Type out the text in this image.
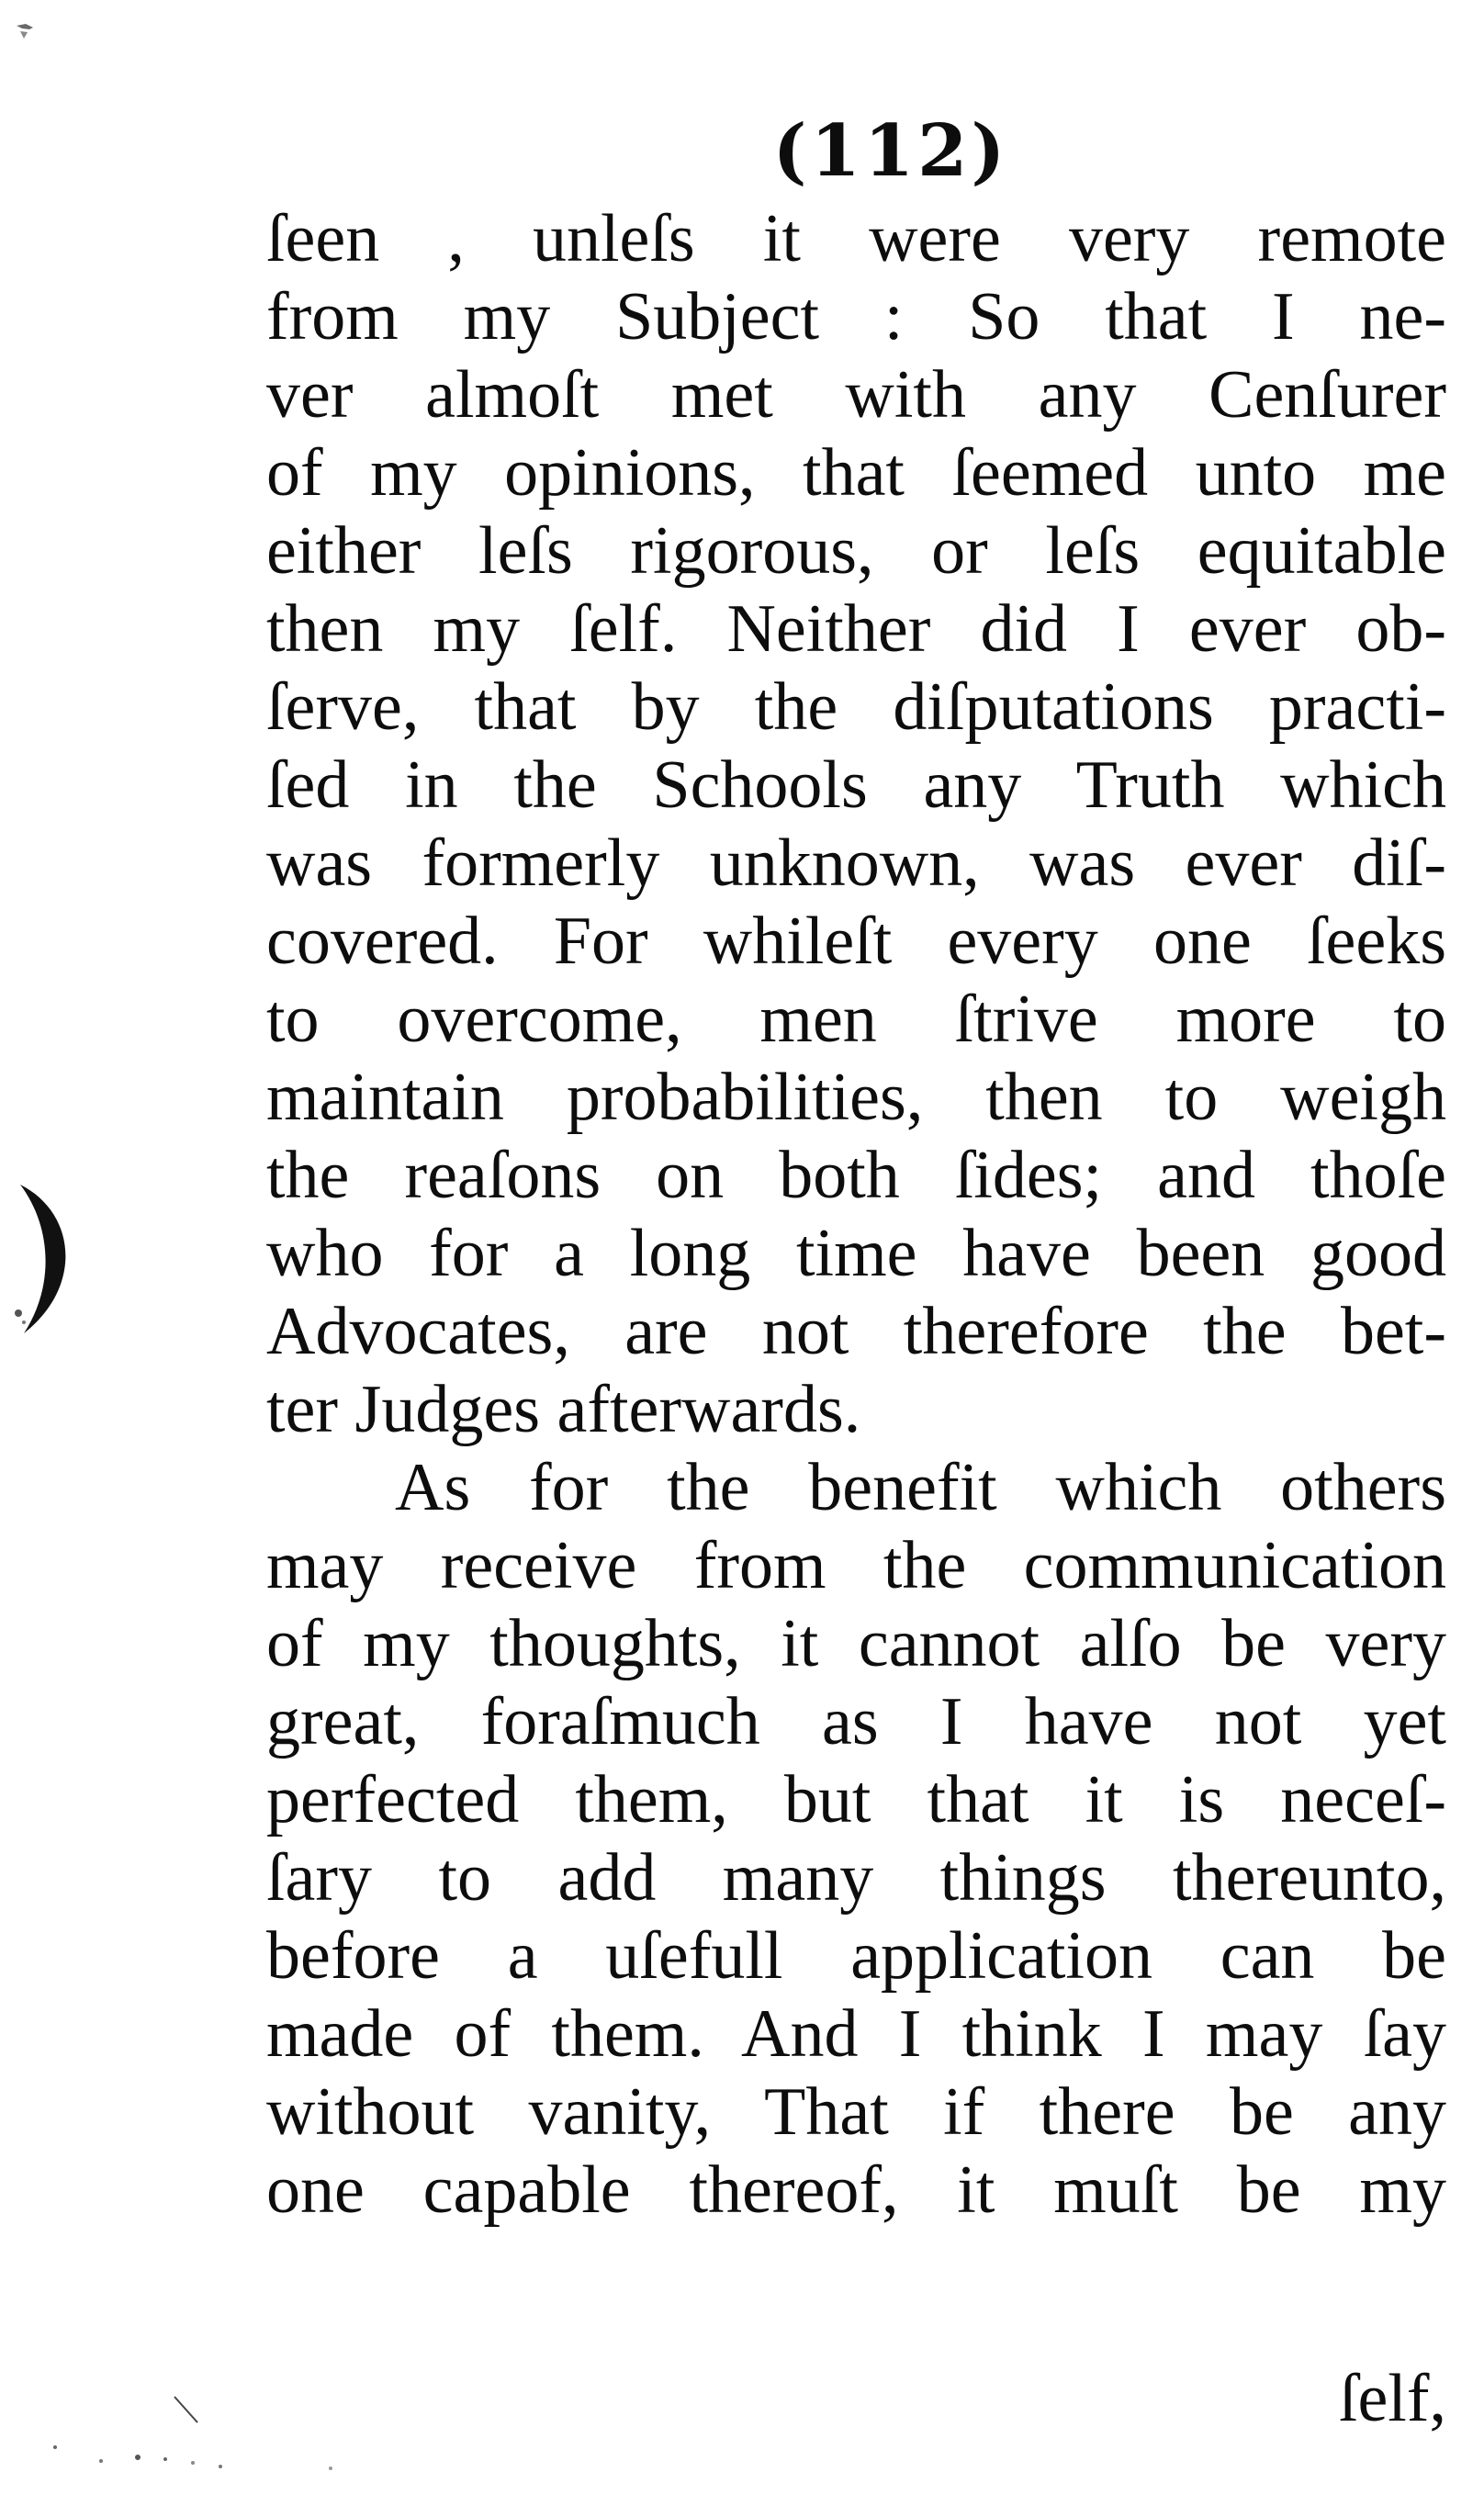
(112)
ſeen , unleſs it were very remote
from my Subject : So that I ne-
ver almoſt met with any Cenſurer
of my opinions, that ſeemed unto me
either leſs rigorous, or leſs equitable
then my ſelf. Neither did I ever ob-
ſerve, that by the diſputations practi-
ſed in the Schools any Truth which
was formerly unknown, was ever diſ-
covered. For whileſt every one ſeeks
to overcome, men ſtrive more to
maintain probabilities, then to weigh
the reaſons on both ſides; and thoſe
who for a long time have been good
Advocates, are not therefore the bet-
ter Judges afterwards.
As for the benefit which others
may receive from the communication
of my thoughts, it cannot alſo be very
great, foraſmuch as I have not yet
perfected them, but that it is neceſ-
ſary to add many things thereunto,
before a uſefull application can be
made of them. And I think I may ſay
without vanity, That if there be any
one capable thereof, it muſt be my
ſelf,
